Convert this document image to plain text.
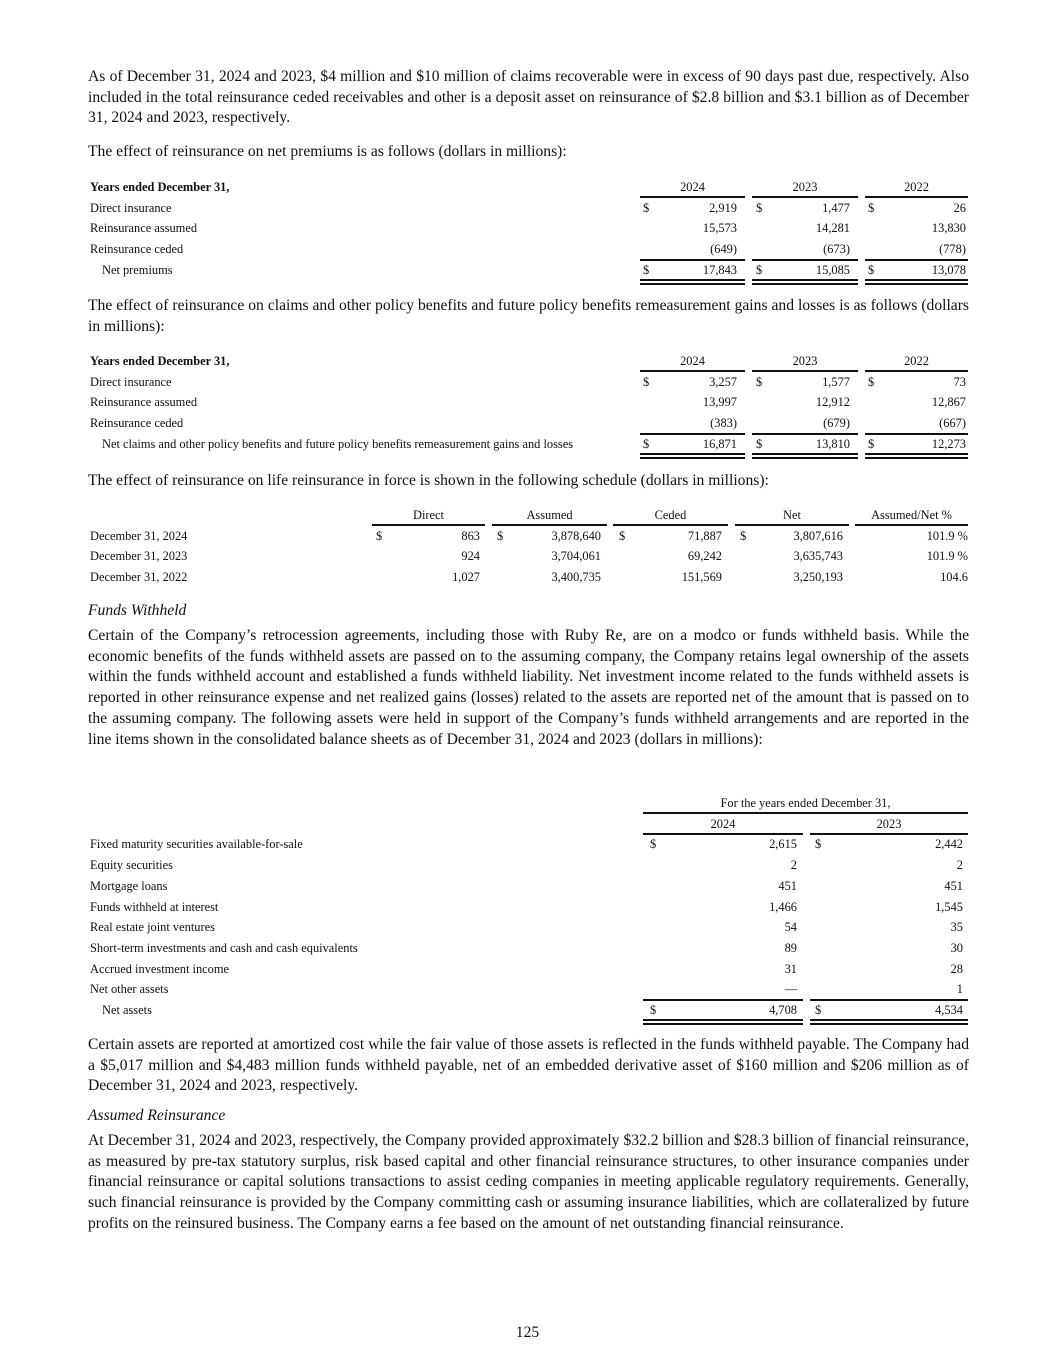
As of December 31, 2024 and 2023, $4 million and $10 million of claims recoverable were in excess of 90 days past due, respectively. Also included in the total reinsurance ceded receivables and other is a deposit asset on reinsurance of $2.8 billion and $3.1 billion as of December 31, 2024 and 2023, respectively.

The effect of reinsurance on net premiums is as follows (dollars in millions):

Years ended December 31,	2024	2023	2022
Direct insurance	$	2,919 $	1,477 $	26
Reinsurance assumed	15,573	14,281	13,830
Reinsurance ceded	(649)	(673)	(778)
Net premiums	$	17,843 $	15,085 $	13,078

The effect of reinsurance on claims and other policy benefits and future policy benefits remeasurement gains and losses is as follows (dollars in millions):

Years ended December 31,	2024	2023	2022
Direct insurance	$	3,257 $	1,577 $	73
Reinsurance assumed	13,997	12,912	12,867
Reinsurance ceded	(383)	(679)	(667)
Net claims and other policy benefits and future policy benefits remeasurement gains and losses	$	16,871 $	13,810 $	12,273

The effect of reinsurance on life reinsurance in force is shown in the following schedule (dollars in millions):

Direct	Assumed	Ceded	Net	Assumed/Net %
December 31, 2024	$	863 $	3,878,640 $	71,887 $	3,807,616	101.9 %
December 31, 2023	924	3,704,061	69,242	3,635,743	101.9 %
December 31, 2022	1,027	3,400,735	151,569	3,250,193	104.6

Funds Withheld

Certain of the Company’s retrocession agreements, including those with Ruby Re, are on a modco or funds withheld basis. While the economic benefits of the funds withheld assets are passed on to the assuming company, the Company retains legal ownership of the assets within the funds withheld account and established a funds withheld liability. Net investment income related to the funds withheld assets is reported in other reinsurance expense and net realized gains (losses) related to the assets are reported net of the amount that is passed on to the assuming company. The following assets were held in support of the Company’s funds withheld arrangements and are reported in the line items shown in the consolidated balance sheets as of December 31, 2024 and 2023 (dollars in millions):

For the years ended December 31,
2024	2023
Fixed maturity securities available-for-sale	$	2,615 $	2,442
Equity securities	2	2
Mortgage loans	451	451
Funds withheld at interest	1,466	1,545
Real estate joint ventures	54	35
Short-term investments and cash and cash equivalents	89	30
Accrued investment income	31	28
Net other assets	—	1
Net assets	$	4,708 $	4,534

Certain assets are reported at amortized cost while the fair value of those assets is reflected in the funds withheld payable. The Company had a $5,017 million and $4,483 million funds withheld payable, net of an embedded derivative asset of $160 million and $206 million as of December 31, 2024 and 2023, respectively.

Assumed Reinsurance

At December 31, 2024 and 2023, respectively, the Company provided approximately $32.2 billion and $28.3 billion of financial reinsurance, as measured by pre-tax statutory surplus, risk based capital and other financial reinsurance structures, to other insurance companies under financial reinsurance or capital solutions transactions to assist ceding companies in meeting applicable regulatory requirements. Generally, such financial reinsurance is provided by the Company committing cash or assuming insurance liabilities, which are collateralized by future profits on the reinsured business. The Company earns a fee based on the amount of net outstanding financial reinsurance.

125
